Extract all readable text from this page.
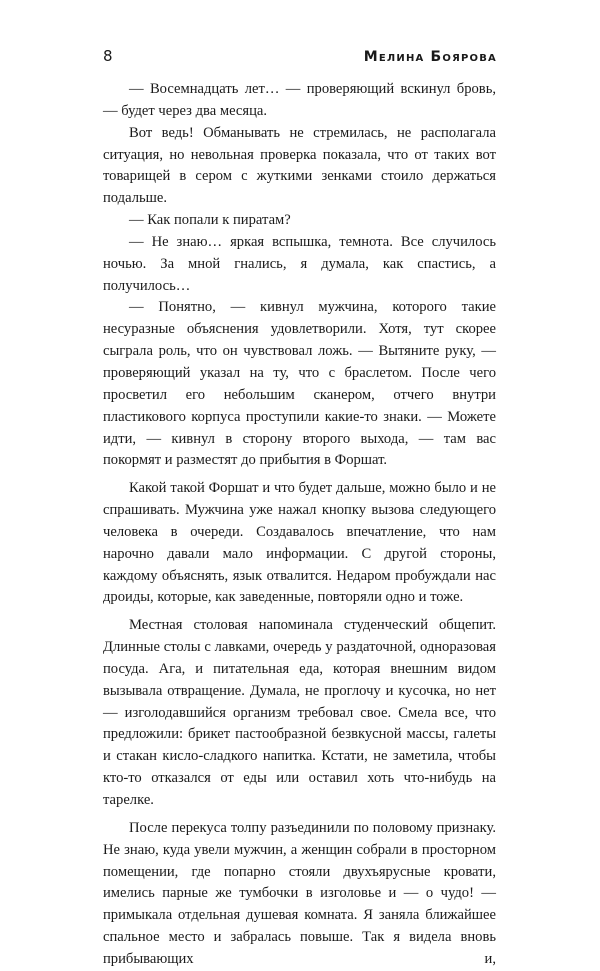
8	Мелина Боярова

— Восемнадцать лет… — проверяющий вскинул бровь, — будет через два месяца.

Вот ведь! Обманывать не стремилась, не располагала ситуация, но невольная проверка показала, что от таких вот товарищей в сером с жуткими зенками стоило держаться подальше.

— Как попали к пиратам?

— Не знаю… яркая вспышка, темнота. Все случилось ночью. За мной гнались, я думала, как спастись, а получилось…

— Понятно, — кивнул мужчина, которого такие несуразные объяснения удовлетворили. Хотя, тут скорее сыграла роль, что он чувствовал ложь. — Вытяните руку, — проверяющий указал на ту, что с браслетом. После чего просветил его небольшим сканером, отчего внутри пластикового корпуса проступили какие-то знаки. — Можете идти, — кивнул в сторону второго выхода, — там вас покормят и разместят до прибытия в Форшат.

Какой такой Форшат и что будет дальше, можно было и не спрашивать. Мужчина уже нажал кнопку вызова следующего человека в очереди. Создавалось впечатление, что нам нарочно давали мало информации. С другой стороны, каждому объяснять, язык отвалится. Недаром пробуждали нас дроиды, которые, как заведенные, повторяли одно и тоже.

Местная столовая напоминала студенческий общепит. Длинные столы с лавками, очередь у раздаточной, одноразовая посуда. Ага, и питательная еда, которая внешним видом вызывала отвращение. Думала, не проглочу и кусочка, но нет — изголодавшийся организм требовал свое. Смела все, что предложили: брикет пастообразной безвкусной массы, галеты и стакан кисло-сладкого напитка. Кстати, не заметила, чтобы кто-то отказался от еды или оставил хоть что-нибудь на тарелке.

После перекуса толпу разъединили по половому признаку. Не знаю, куда увели мужчин, а женщин собрали в просторном помещении, где попарно стояли двухъярусные кровати, имелись парные же тумбочки в изголовье и — о чудо! — примыкала отдельная душевая комната. Я заняла ближайшее спальное место и забралась повыше. Так я видела вновь прибывающих и,
